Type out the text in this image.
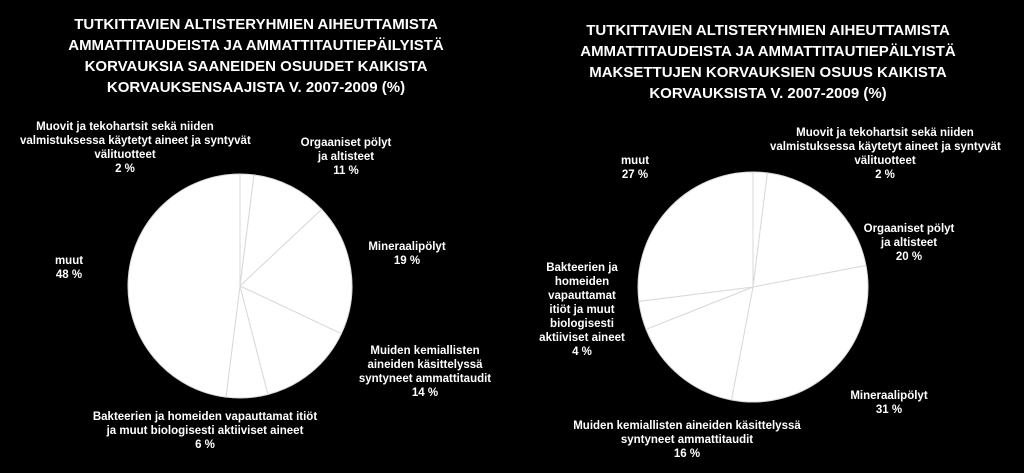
TUTKITTAVIEN ALTISTERYHMIEN AIHEUTTAMISTA
AMMATTITAUDEISTA JA AMMATTITAUTIEPÄILYISTÄ
KORVAUKSIA SAANEIDEN OSUUDET KAIKISTA
KORVAUKSENSAAJISTA V. 2007-2009 (%)
Muovit ja tekohartsit sekä niiden
valmistuksessa käytetyt aineet ja syntyvät
välituotteet
2 %
Orgaaniset pölyt
ja altisteet
11 %
Mineraalipölyt
19 %
Muiden kemiallisten
aineiden käsittelyssä
syntyneet ammattitaudit
14 %
Bakteerien ja homeiden vapauttamat itiöt
ja muut biologisesti aktiiviset aineet
6 %
muut
48 %
TUTKITTAVIEN ALTISTERYHMIEN AIHEUTTAMISTA
AMMATTITAUDEISTA JA AMMATTITAUTIEPÄILYISTÄ
MAKSETTUJEN KORVAUKSIEN OSUUS KAIKISTA
KORVAUKSISTA V. 2007-2009 (%)
Muovit ja tekohartsit sekä niiden
valmistuksessa käytetyt aineet ja syntyvät
välituotteet
2 %
Orgaaniset pölyt
ja altisteet
20 %
Mineraalipölyt
31 %
Muiden kemiallisten aineiden käsittelyssä
syntyneet ammattitaudit
16 %
Bakteerien ja
homeiden
vapauttamat
itiöt ja muut
biologisesti
aktiiviset aineet
4 %
muut
27 %
